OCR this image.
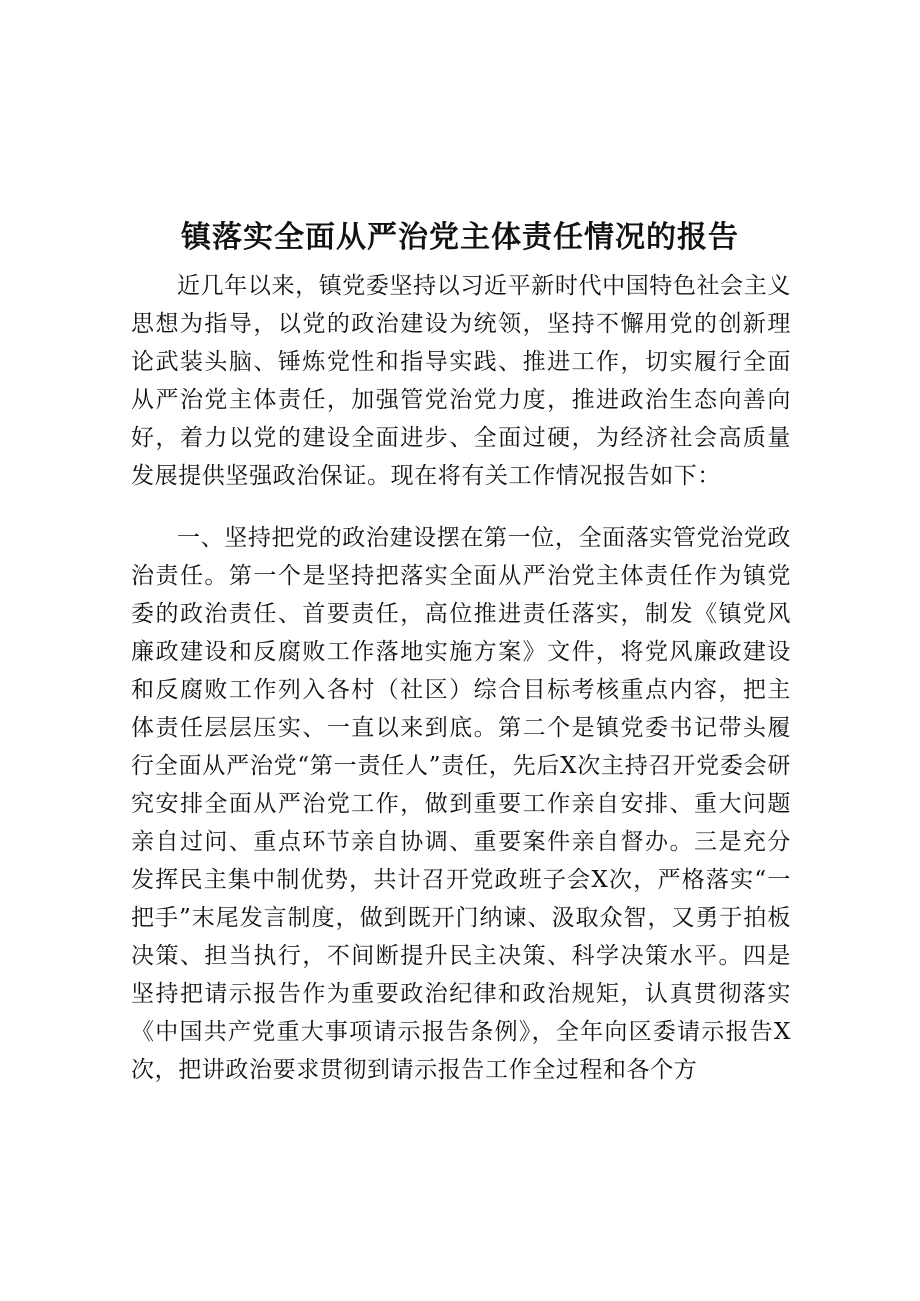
镇落实全面从严治党主体责任情况的报告

近几年以来，镇党委坚持以习近平新时代中国特色社会主义思想为指导，以党的政治建设为统领，坚持不懈用党的创新理论武装头脑、锤炼党性和指导实践、推进工作，切实履行全面从严治党主体责任，加强管党治党力度，推进政治生态向善向好，着力以党的建设全面进步、全面过硬，为经济社会高质量发展提供坚强政治保证。现在将有关工作情况报告如下：

一、坚持把党的政治建设摆在第一位，全面落实管党治党政治责任。第一个是坚持把落实全面从严治党主体责任作为镇党委的政治责任、首要责任，高位推进责任落实，制发《镇党风廉政建设和反腐败工作落地实施方案》文件，将党风廉政建设和反腐败工作列入各村（社区）综合目标考核重点内容，把主体责任层层压实、一直以来到底。第二个是镇党委书记带头履行全面从严治党“第一责任人”责任，先后X次主持召开党委会研究安排全面从严治党工作，做到重要工作亲自安排、重大问题亲自过问、重点环节亲自协调、重要案件亲自督办。三是充分发挥民主集中制优势，共计召开党政班子会X次，严格落实“一把手”末尾发言制度，做到既开门纳谏、汲取众智，又勇于拍板决策、担当执行，不间断提升民主决策、科学决策水平。四是坚持把请示报告作为重要政治纪律和政治规矩，认真贯彻落实《中国共产党重大事项请示报告条例》，全年向区委请示报告X次，把讲政治要求贯彻到请示报告工作全过程和各个方
